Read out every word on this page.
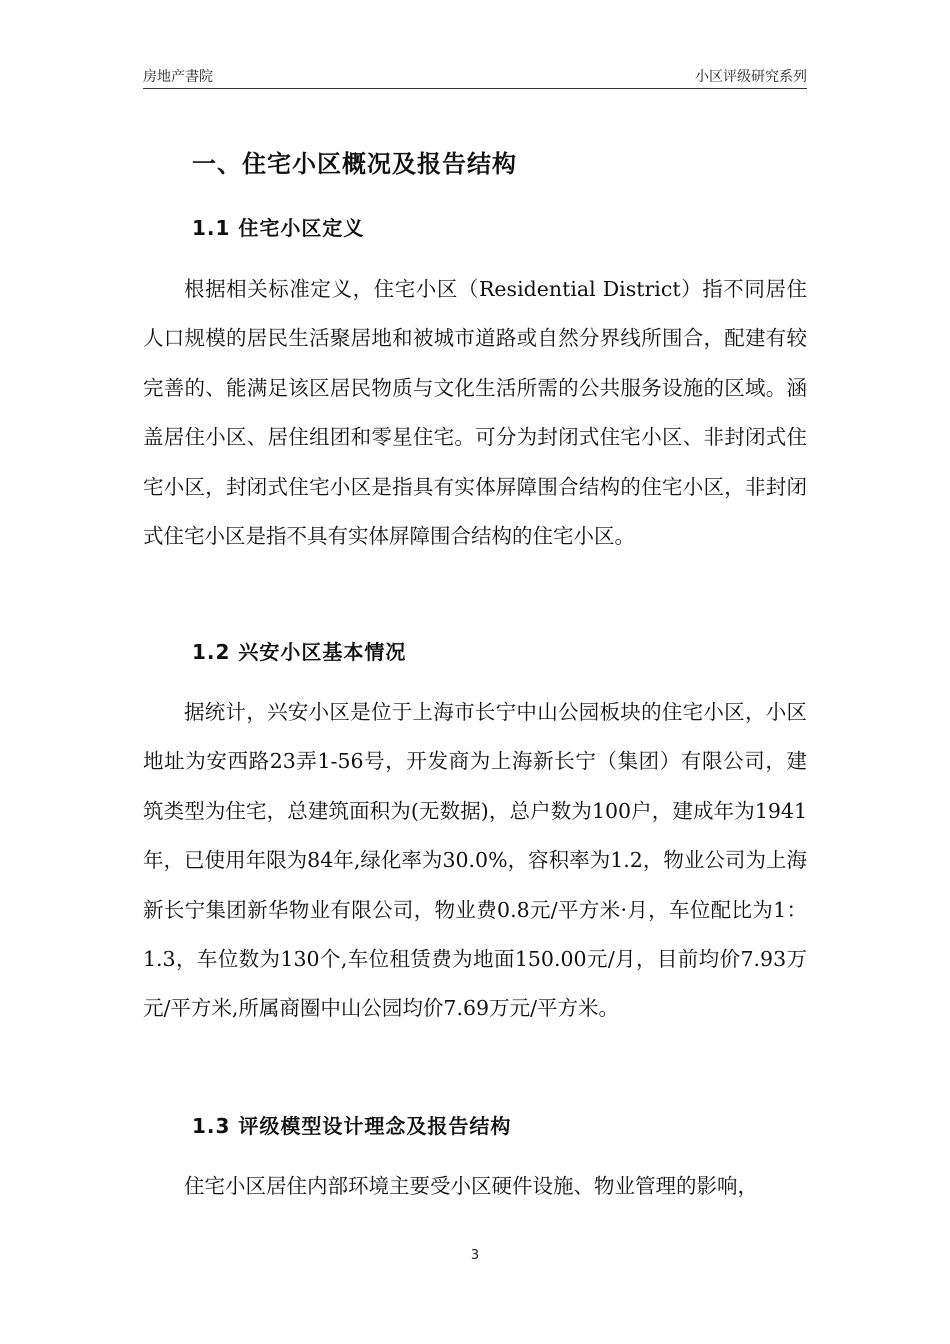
房地产書院	小区评级研究系列
一、住宅小区概况及报告结构
1.1 住宅小区定义

根据相关标准定义，住宅小区（Residential District）指不同居住人口规模的居民生活聚居地和被城市道路或自然分界线所围合，配建有较完善的、能满足该区居民物质与文化生活所需的公共服务设施的区域。涵盖居住小区、居住组团和零星住宅。可分为封闭式住宅小区、非封闭式住宅小区，封闭式住宅小区是指具有实体屏障围合结构的住宅小区，非封闭式住宅小区是指不具有实体屏障围合结构的住宅小区。

1.2 兴安小区基本情况

据统计，兴安小区是位于上海市长宁中山公园板块的住宅小区，小区地址为安西路23弄1-56号，开发商为上海新长宁（集团）有限公司，建筑类型为住宅，总建筑面积为(无数据)，总户数为100户，建成年为1941年，已使用年限为84年,绿化率为30.0%，容积率为1.2，物业公司为上海新长宁集团新华物业有限公司，物业费0.8元/平方米·月，车位配比为1：1.3，车位数为130个,车位租赁费为地面150.00元/月，目前均价7.93万元/平方米,所属商圈中山公园均价7.69万元/平方米。

1.3 评级模型设计理念及报告结构

住宅小区居住内部环境主要受小区硬件设施、物业管理的影响，

3
